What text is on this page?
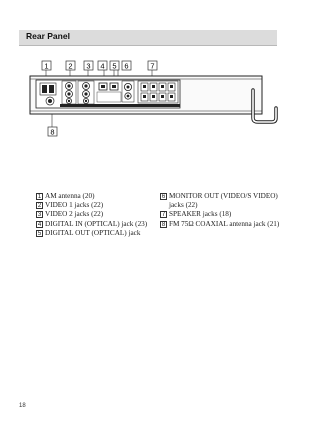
Rear Panel
1	2 3 4 5 6	7
8
1 AM antenna (20)
2 VIDEO 1 jacks (22)
3 VIDEO 2 jacks (22)
4 DIGITAL IN (OPTICAL) jack (23)
5 DIGITAL OUT (OPTICAL) jack
6 MONITOR OUT (VIDEO/S VIDEO) jacks (22)
7 SPEAKER jacks (18)
8 FM 75Ω COAXIAL antenna jack (21)
18
